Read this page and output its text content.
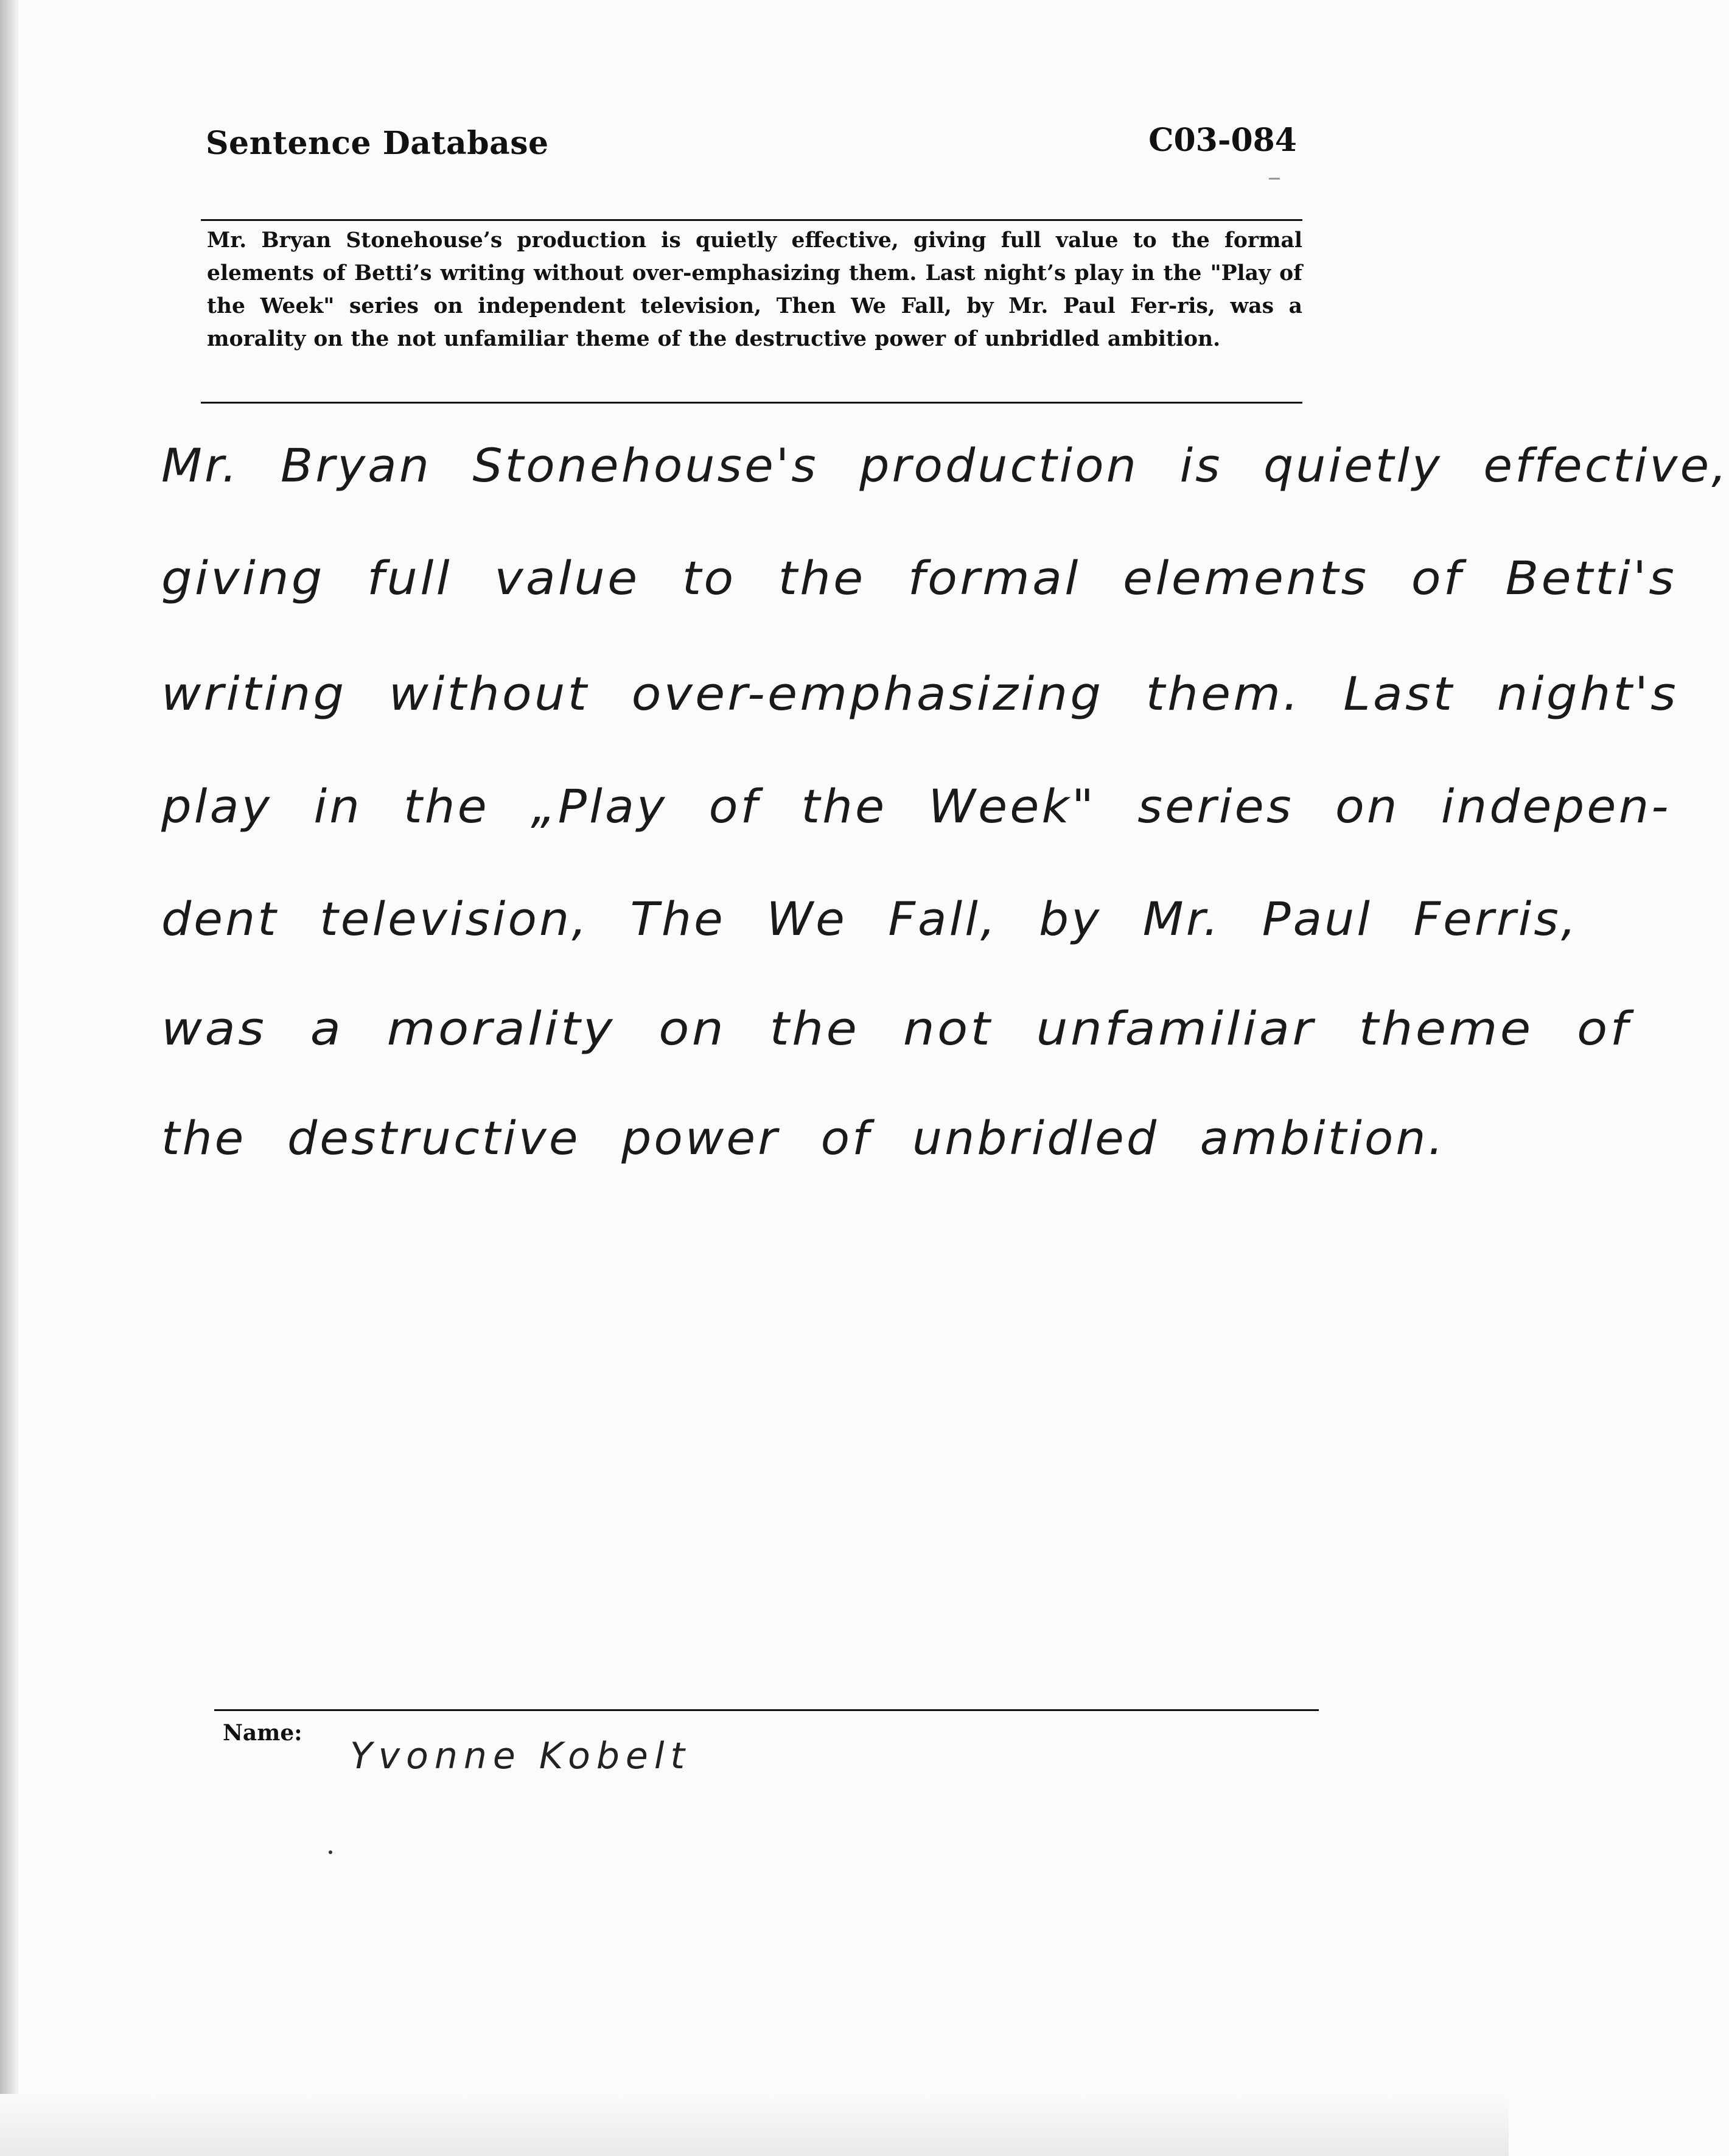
Sentence Database	C03-084
Mr. Bryan Stonehouse’s production is quietly effective, giving full value to the formal elements of Betti’s writing without over-emphasizing them. Last night’s play in the "Play of the Week" series on independent television, Then We Fall, by Mr. Paul Fer-ris, was a morality on the not unfamiliar theme of the destructive power of unbridled ambition.
Mr. Bryan Stonehouse's production is quietly effective,
giving full value to the formal elements of Betti's
writing without over-emphasizing them. Last night's
play in the „Play of the Week" series on indepen-
dent television, The We Fall, by Mr. Paul Ferris,
was a morality on the not unfamiliar theme of
the destructive power of unbridled ambition.
Name:
Yvonne Kobelt
